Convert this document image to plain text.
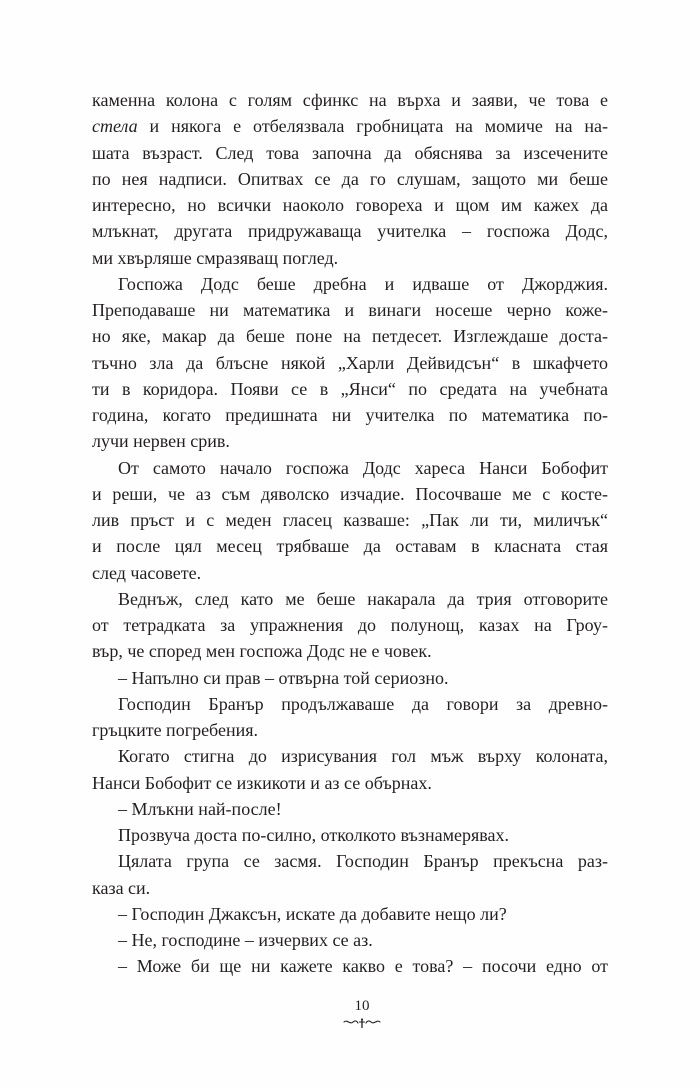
каменна колона с голям сфинкс на върха и заяви, че това е
стела и някога е отбелязвала гробницата на момиче на на-
шата възраст. След това започна да обяснява за изсечените
по нея надписи. Опитвах се да го слушам, защото ми беше
интересно, но всички наоколо говореха и щом им кажех да
млъкнат, другата придружаваща учителка – госпожа Додс,
ми хвърляше смразяващ поглед.
Госпожа Додс беше дребна и идваше от Джорджия.
Преподаваше ни математика и винаги носеше черно коже-
но яке, макар да беше поне на петдесет. Изглеждаше доста-
тъчно зла да блъсне някой „Харли Дейвидсън“ в шкафчето
ти в коридора. Появи се в „Янси“ по средата на учебната
година, когато предишната ни учителка по математика по-
лучи нервен срив.
От самото начало госпожа Додс хареса Нанси Бобофит
и реши, че аз съм дяволско изчадие. Посочваше ме с косте-
лив пръст и с меден гласец казваше: „Пак ли ти, миличък“
и после цял месец трябваше да оставам в класната стая
след часовете.
Веднъж, след като ме беше накарала да трия отговорите
от тетрадката за упражнения до полунощ, казах на Гроу-
вър, че според мен госпожа Додс не е човек.
– Напълно си прав – отвърна той сериозно.
Господин Бранър продължаваше да говори за древно-
гръцките погребения.
Когато стигна до изрисувания гол мъж върху колоната,
Нанси Бобофит се изкикоти и аз се обърнах.
– Млъкни най-после!
Прозвуча доста по-силно, отколкото възнамерявах.
Цялата група се засмя. Господин Бранър прекъсна раз-
каза си.
– Господин Джаксън, искате да добавите нещо ли?
– Не, господине – изчервих се аз.
– Може би ще ни кажете какво е това? – посочи едно от
10
